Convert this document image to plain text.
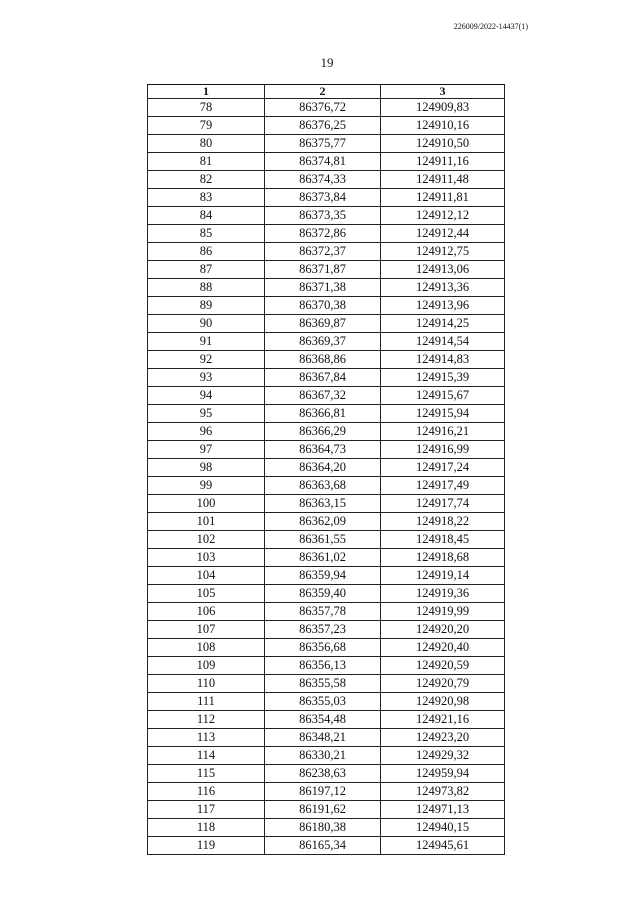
226009/2022-14437(1)
19
1	2	3
78	86376,72	124909,83
79	86376,25	124910,16
80	86375,77	124910,50
81	86374,81	124911,16
82	86374,33	124911,48
83	86373,84	124911,81
84	86373,35	124912,12
85	86372,86	124912,44
86	86372,37	124912,75
87	86371,87	124913,06
88	86371,38	124913,36
89	86370,38	124913,96
90	86369,87	124914,25
91	86369,37	124914,54
92	86368,86	124914,83
93	86367,84	124915,39
94	86367,32	124915,67
95	86366,81	124915,94
96	86366,29	124916,21
97	86364,73	124916,99
98	86364,20	124917,24
99	86363,68	124917,49
100	86363,15	124917,74
101	86362,09	124918,22
102	86361,55	124918,45
103	86361,02	124918,68
104	86359,94	124919,14
105	86359,40	124919,36
106	86357,78	124919,99
107	86357,23	124920,20
108	86356,68	124920,40
109	86356,13	124920,59
110	86355,58	124920,79
111	86355,03	124920,98
112	86354,48	124921,16
113	86348,21	124923,20
114	86330,21	124929,32
115	86238,63	124959,94
116	86197,12	124973,82
117	86191,62	124971,13
118	86180,38	124940,15
119	86165,34	124945,61
